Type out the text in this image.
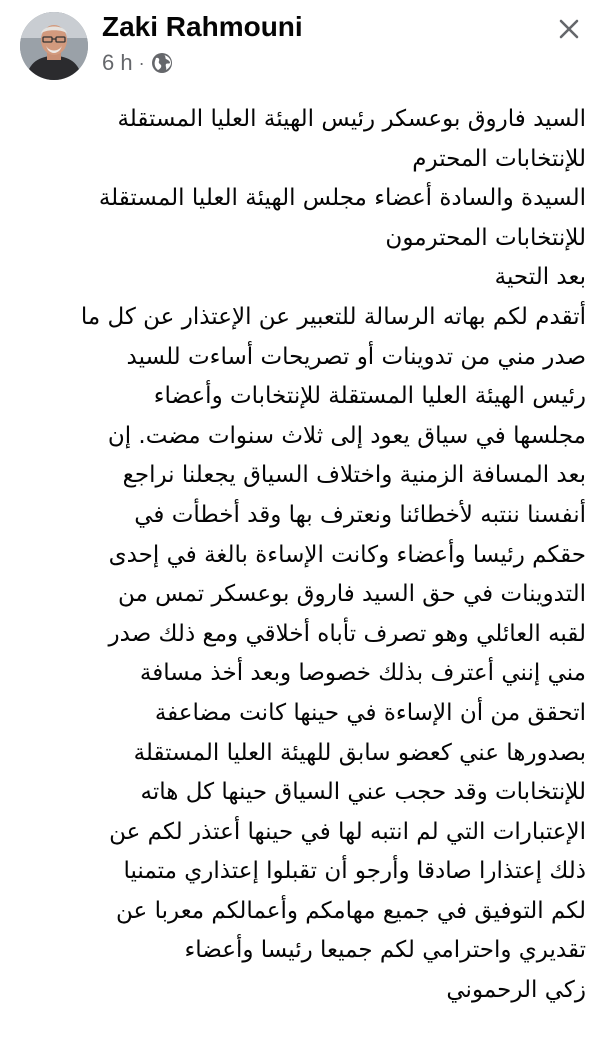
Zaki Rahmouni
6 h ·
السيد فاروق بوعسكر رئيس الهيئة العليا المستقلة
للإنتخابات المحترم
السيدة والسادة أعضاء مجلس الهيئة العليا المستقلة
للإنتخابات المحترمون
بعد التحية
أتقدم لكم بهاته الرسالة للتعبير عن الإعتذار عن كل ما
صدر مني من تدوينات أو تصريحات أساءت للسيد
رئيس الهيئة العليا المستقلة للإنتخابات وأعضاء
مجلسها في سياق يعود إلى ثلاث سنوات مضت. إن
بعد المسافة الزمنية واختلاف السياق يجعلنا نراجع
أنفسنا ننتبه لأخطائنا ونعترف بها وقد أخطأت في
حقكم رئيسا وأعضاء وكانت الإساءة بالغة في إحدى
التدوينات في حق السيد فاروق بوعسكر تمس من
لقبه العائلي وهو تصرف تأباه أخلاقي ومع ذلك صدر
مني إنني أعترف بذلك خصوصا وبعد أخذ مسافة
اتحقق من أن الإساءة في حينها كانت مضاعفة
بصدورها عني كعضو سابق للهيئة العليا المستقلة
للإنتخابات وقد حجب عني السياق حينها كل هاته
الإعتبارات التي لم انتبه لها في حينها أعتذر لكم عن
ذلك إعتذارا صادقا وأرجو أن تقبلوا إعتذاري متمنيا
لكم التوفيق في جميع مهامكم وأعمالكم معربا عن
تقديري واحترامي لكم جميعا رئيسا وأعضاء
زكي الرحموني
